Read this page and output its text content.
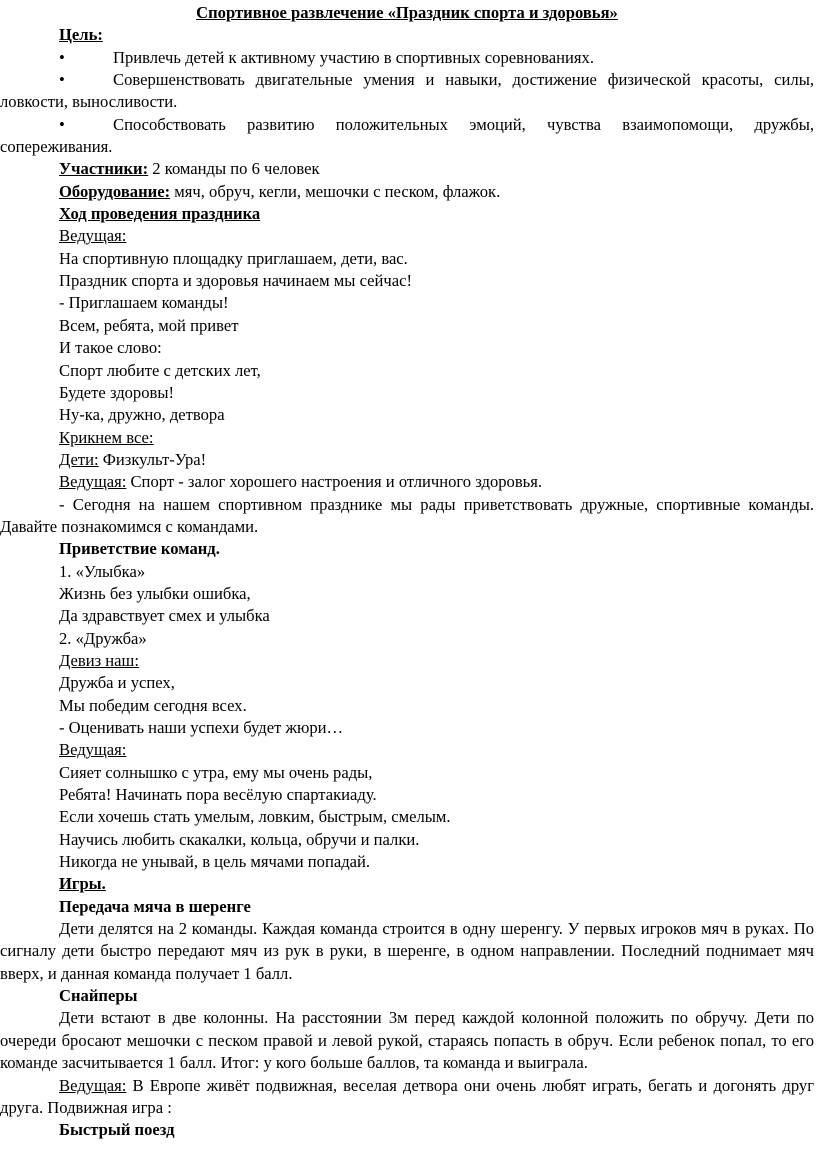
Спортивное развлечение «Праздник спорта и здоровья»

Цель:

•	Привлечь детей к активному участию в спортивных соревнованиях.

•	Совершенствовать двигательные умения и навыки, достижение физической красоты, силы, ловкости, выносливости.

•	Способствовать развитию положительных эмоций, чувства взаимопомощи, дружбы, сопереживания.

Участники: 2 команды по 6 человек

Оборудование: мяч, обруч, кегли, мешочки с песком, флажок.

Ход проведения праздника

Ведущая:

На спортивную площадку приглашаем, дети, вас.

Праздник спорта и здоровья начинаем мы сейчас!

- Приглашаем команды!

Всем, ребята, мой привет

И такое слово:

Спорт любите с детских лет,

Будете здоровы!

Ну-ка, дружно, детвора

Крикнем все:

Дети: Физкульт-Ура!

Ведущая: Спорт - залог хорошего настроения и отличного здоровья.

- Сегодня на нашем спортивном празднике мы рады приветствовать дружные, спортивные команды. Давайте познакомимся с командами.

Приветствие команд.

1. «Улыбка»

Жизнь без улыбки ошибка,

Да здравствует смех и улыбка

2. «Дружба»

Девиз наш:

Дружба и успех,

Мы победим сегодня всех.

- Оценивать наши успехи будет жюри…

Ведущая:

Сияет солнышко с утра, ему мы очень рады,

Ребята! Начинать пора весёлую спартакиаду.

Если хочешь стать умелым, ловким, быстрым, смелым.

Научись любить скакалки, кольца, обручи и палки.

Никогда не унывай, в цель мячами попадай.

Игры.

Передача мяча в шеренге

Дети делятся на 2 команды. Каждая команда строится в одну шеренгу. У первых игроков мяч в руках. По сигналу дети быстро передают мяч из рук в руки, в шеренге, в одном направлении. Последний поднимает мяч вверх, и данная команда получает 1 балл.

Снайперы

Дети встают в две колонны. На расстоянии 3м перед каждой колонной положить по обручу. Дети по очереди бросают мешочки с песком правой и левой рукой, стараясь попасть в обруч. Если ребенок попал, то его команде засчитывается 1 балл. Итог: у кого больше баллов, та команда и выиграла.

Ведущая: В Европе живёт подвижная, веселая детвора они очень любят играть, бегать и догонять друг друга. Подвижная игра :

Быстрый поезд
